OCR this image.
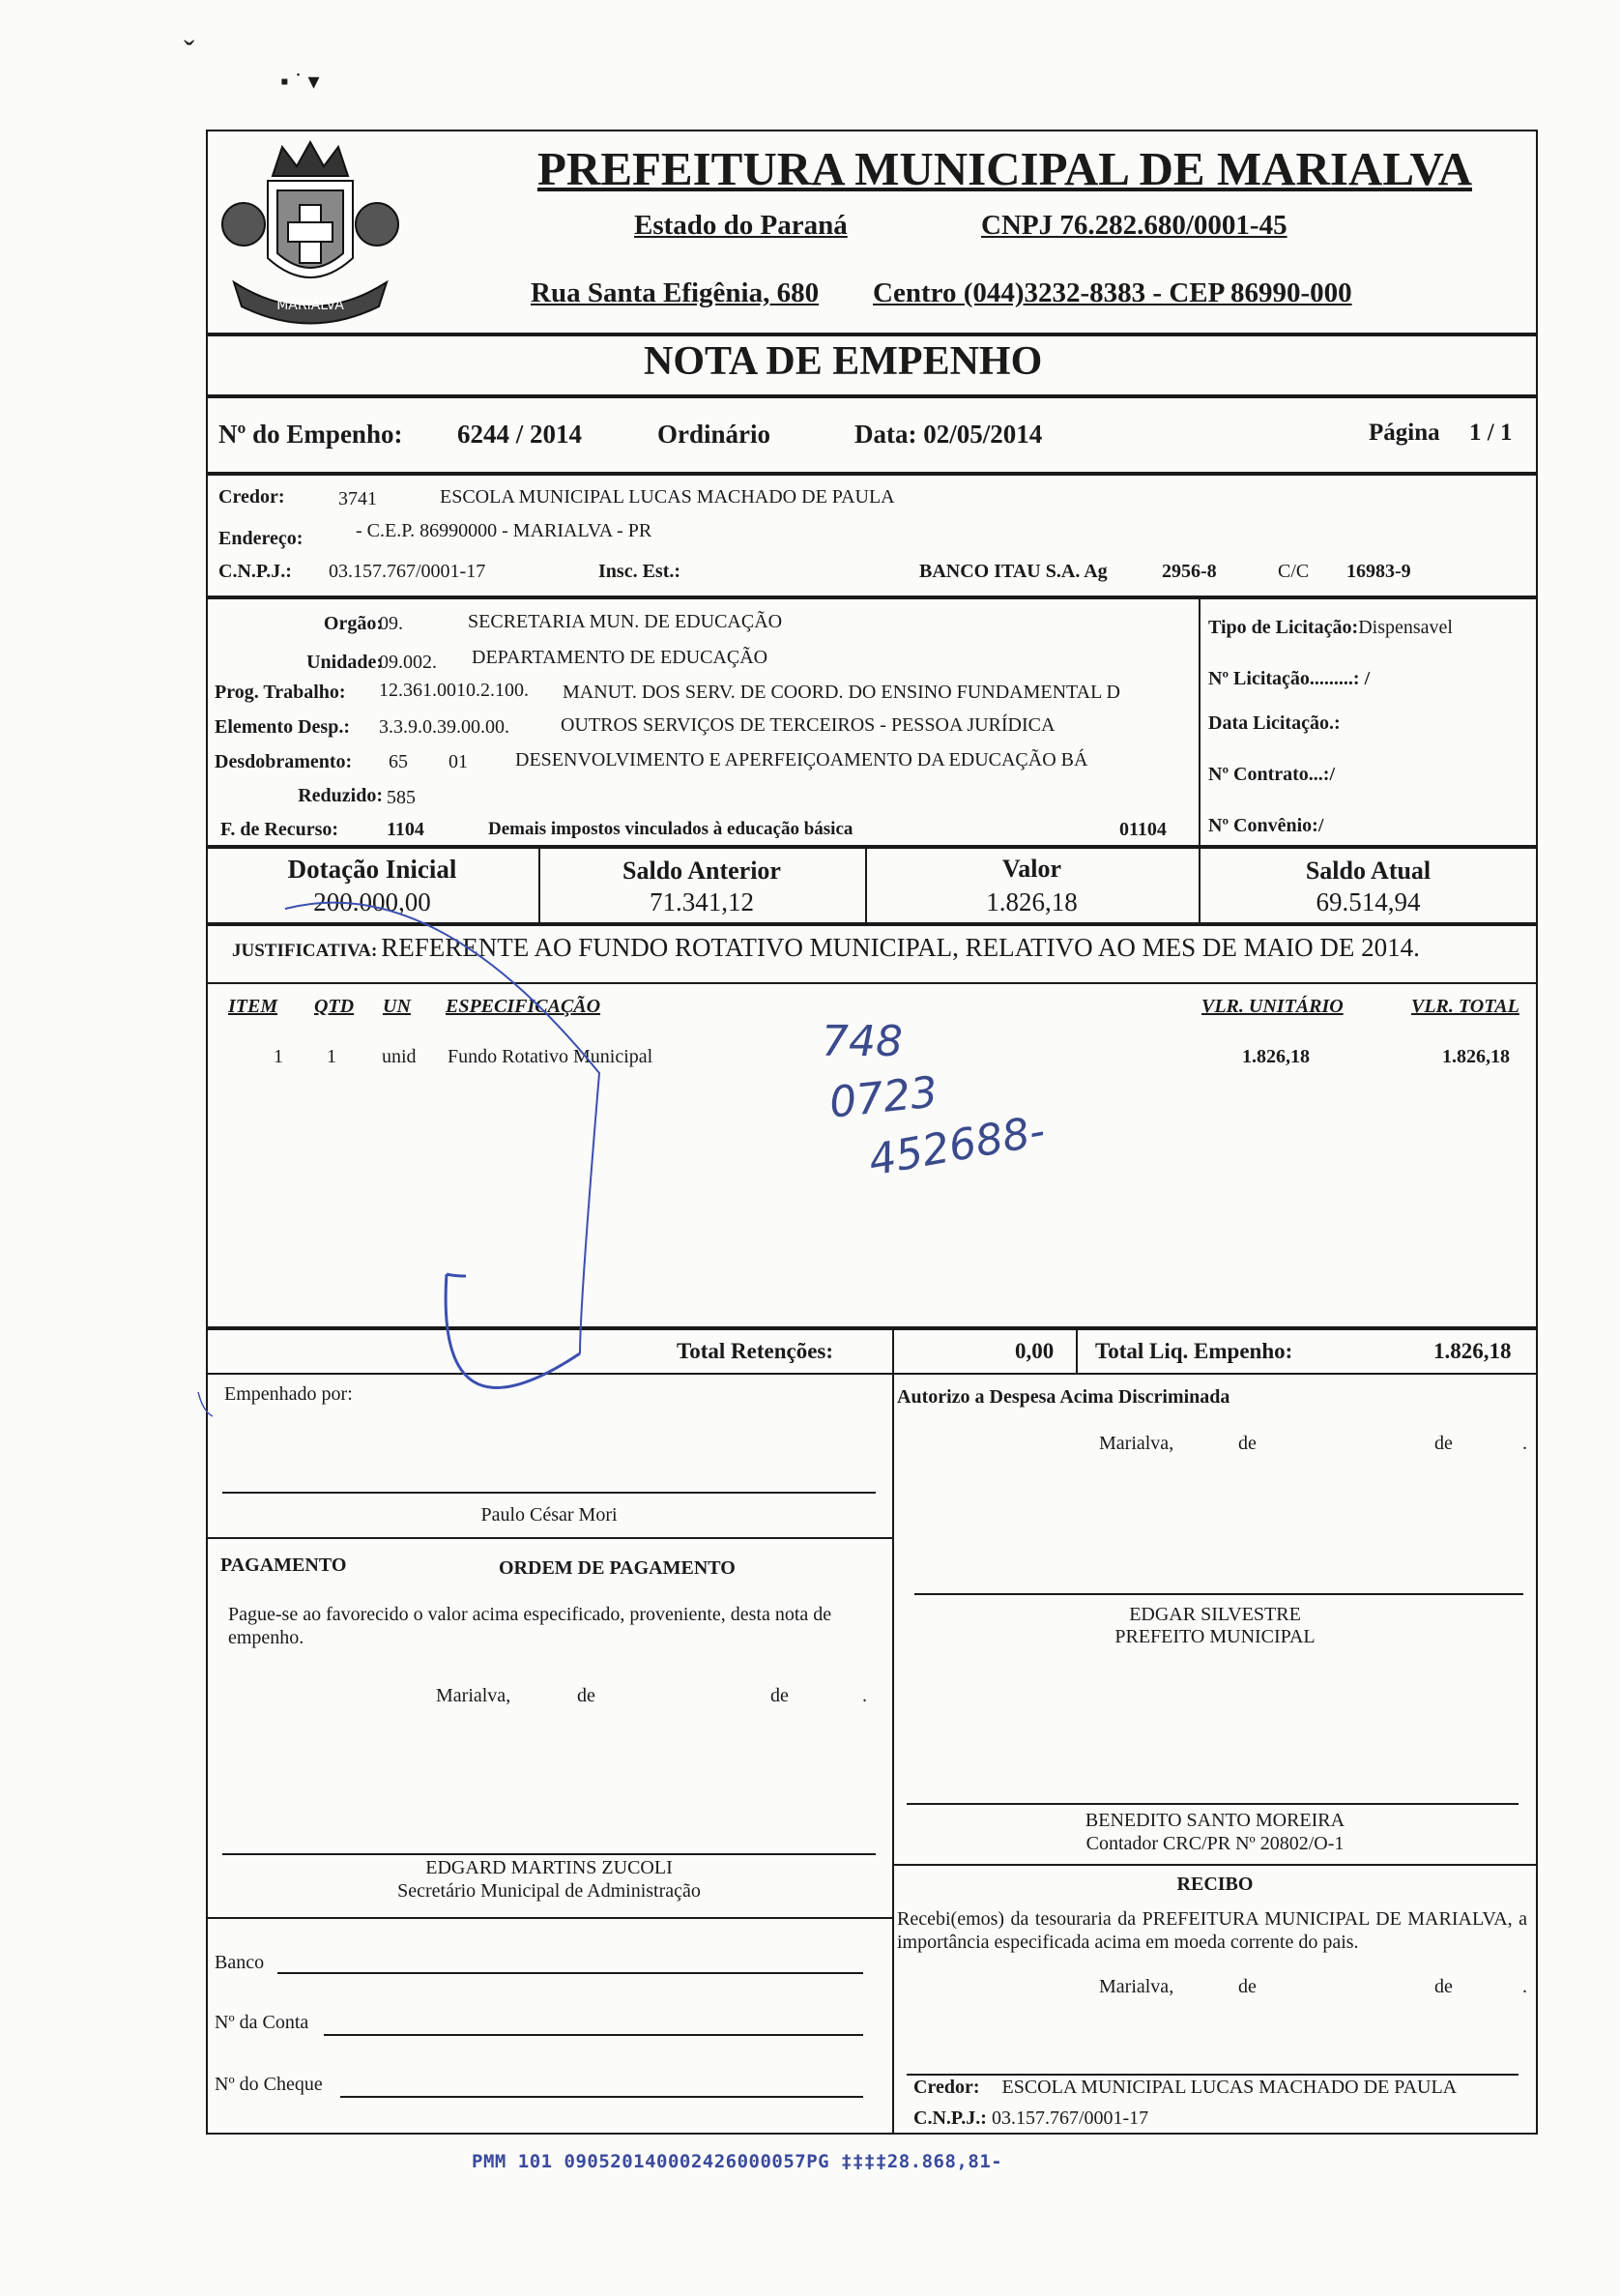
ˇ
▪ ˙ ▾
MARIALVA
PREFEITURA MUNICIPAL DE MARIALVA
Estado do Paraná	CNPJ 76.282.680/0001-45
Rua Santa Efigênia, 680 Centro (044)3232-8383 - CEP 86990-000
NOTA DE EMPENHO
Nº do Empenho: 6244 / 2014	Ordinário	Data: 02/05/2014	Página 1 / 1
Credor:	3741	ESCOLA MUNICIPAL LUCAS MACHADO DE PAULA
Endereço:	- C.E.P. 86990000 - MARIALVA - PR
C.N.P.J.: 03.157.767/0001-17	Insc. Est.:	BANCO ITAU S.A. Ag	2956-8	C/C 16983-9
Orgão:
09.	SECRETARIA MUN. DE EDUCAÇÃO
Unidade:
09.002. DEPARTAMENTO DE EDUCAÇÃO
Prog. Trabalho: 12.361.0010.2.100. MANUT. DOS SERV. DE COORD. DO ENSINO FUNDAMENTAL D
Elemento Desp.: 3.3.9.0.39.00.00.	OUTROS SERVIÇOS DE TERCEIROS - PESSOA JURÍDICA
Desdobramento: 65 01 DESENVOLVIMENTO E APERFEIÇOAMENTO DA EDUCAÇÃO BÁ
Reduzido: 585
F. de Recurso: 1104	Demais impostos vinculados à educação básica	01104
Tipo de Licitação:Dispensavel
Nº Licitação.........: /
Data Licitação.:
Nº Contrato...:/
Nº Convênio:/
Dotação Inicial
200.000,00
Saldo Anterior
71.341,12
Valor
1.826,18
Saldo Atual
69.514,94
JUSTIFICATIVA: REFERENTE AO FUNDO ROTATIVO MUNICIPAL, RELATIVO AO MES DE MAIO DE 2014.
ITEM QTD UN ESPECIFICAÇÃO	VLR. UNITÁRIO	VLR. TOTAL
1 1 unid Fundo Rotativo Municipal	1.826,18	1.826,18
748
0723
452688-
Total Retenções:	0,00 Total Liq. Empenho:	1.826,18
Empenhado por:
Paulo César Mori
PAGAMENTO	ORDEM DE PAGAMENTO
Pague-se ao favorecido o valor acima especificado, proveniente, desta nota de empenho.
Marialva,	de	de	.
EDGARD MARTINS ZUCOLI
Secretário Municipal de Administração
Banco
Nº da Conta
Nº do Cheque
Autorizo a Despesa Acima Discriminada
Marialva,	de	de	.
EDGAR SILVESTRE
PREFEITO MUNICIPAL
BENEDITO SANTO MOREIRA
Contador CRC/PR Nº 20802/O-1
RECIBO
Recebi(emos) da tesouraria da PREFEITURA MUNICIPAL DE MARIALVA, a importância especificada acima em moeda corrente do pais.
Marialva,	de	de	.
Credor: ESCOLA MUNICIPAL LUCAS MACHADO DE PAULA
C.N.P.J.: 03.157.767/0001-17
PMM 101 090520140002426000057PG ‡‡‡‡28.868,81-
